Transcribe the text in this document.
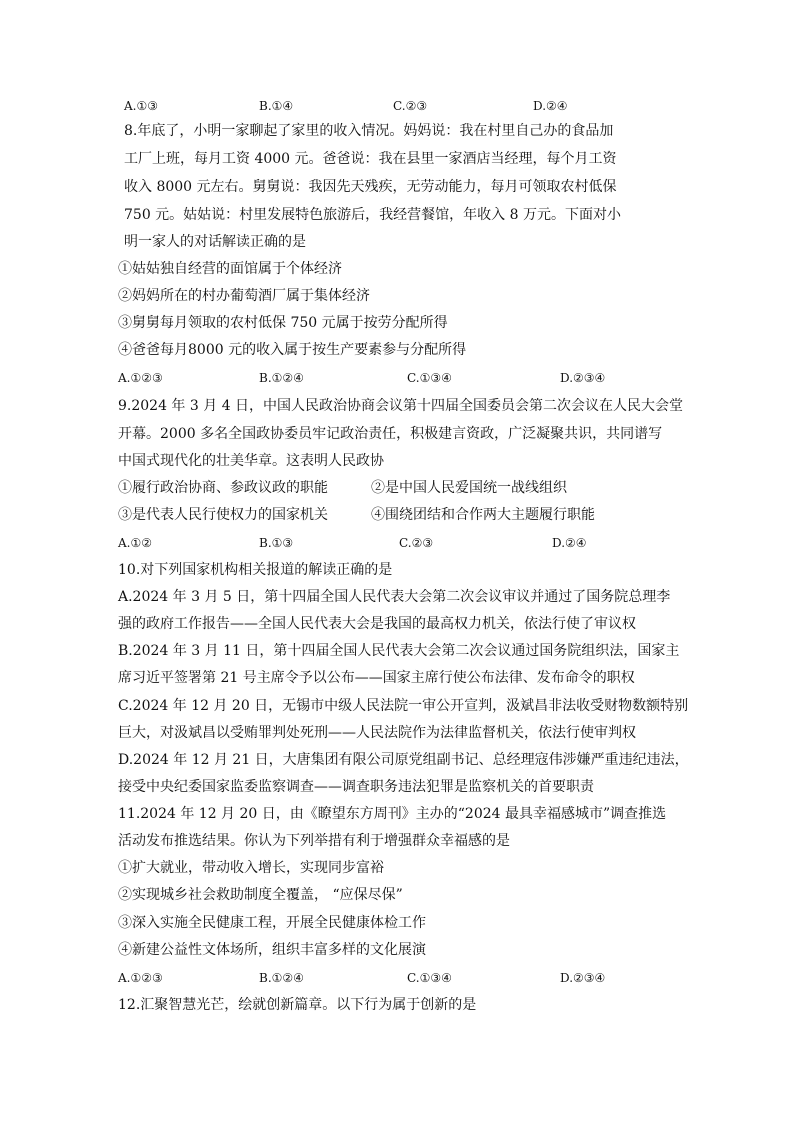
A.①③	B.①④	C.②③	D.②④
8.年底了，小明一家聊起了家里的收入情况。妈妈说：我在村里自己办的食品加
工厂上班，每月工资 4000 元。爸爸说：我在县里一家酒店当经理，每个月工资
收入 8000 元左右。舅舅说：我因先天残疾，无劳动能力，每月可领取农村低保
750 元。姑姑说：村里发展特色旅游后，我经营餐馆，年收入 8 万元。下面对小
明一家人的对话解读正确的是
①姑姑独自经营的面馆属于个体经济
②妈妈所在的村办葡萄酒厂属于集体经济
③舅舅每月领取的农村低保 750 元属于按劳分配所得
④爸爸每月8000 元的收入属于按生产要素参与分配所得
A.①②③	B.①②④	C.①③④	D.②③④
9.2024 年 3 月 4 日，中国人民政治协商会议第十四届全国委员会第二次会议在人民大会堂
开幕。2000 多名全国政协委员牢记政治责任，积极建言资政，广泛凝聚共识，共同谱写
中国式现代化的壮美华章。这表明人民政协
①履行政治协商、参政议政的职能	②是中国人民爱国统一战线组织
③是代表人民行使权力的国家机关	④围绕团结和合作两大主题履行职能
A.①②	B.①③	C.②③	D.②④
10.对下列国家机构相关报道的解读正确的是
A.2024 年 3 月 5 日，第十四届全国人民代表大会第二次会议审议并通过了国务院总理李
强的政府工作报告——全国人民代表大会是我国的最高权力机关，依法行使了审议权
B.2024 年 3 月 11 日，第十四届全国人民代表大会第二次会议通过国务院组织法，国家主
席习近平签署第 21 号主席令予以公布——国家主席行使公布法律、发布命令的职权
C.2024 年 12 月 20 日，无锡市中级人民法院一审公开宣判，汲斌昌非法收受财物数额特别
巨大，对汲斌昌以受贿罪判处死刑——人民法院作为法律监督机关，依法行使审判权
D.2024 年 12 月 21 日，大唐集团有限公司原党组副书记、总经理寇伟涉嫌严重违纪违法，
接受中央纪委国家监委监察调查——调查职务违法犯罪是监察机关的首要职责
11.2024 年 12 月 20 日，由《瞭望东方周刊》主办的“2024 最具幸福感城市”调查推选
活动发布推选结果。你认为下列举措有利于增强群众幸福感的是
①扩大就业，带动收入增长，实现同步富裕
②实现城乡社会救助制度全覆盖， “应保尽保”
③深入实施全民健康工程，开展全民健康体检工作
④新建公益性文体场所，组织丰富多样的文化展演
A.①②③	B.①②④	C.①③④	D.②③④
12.汇聚智慧光芒，绘就创新篇章。以下行为属于创新的是
